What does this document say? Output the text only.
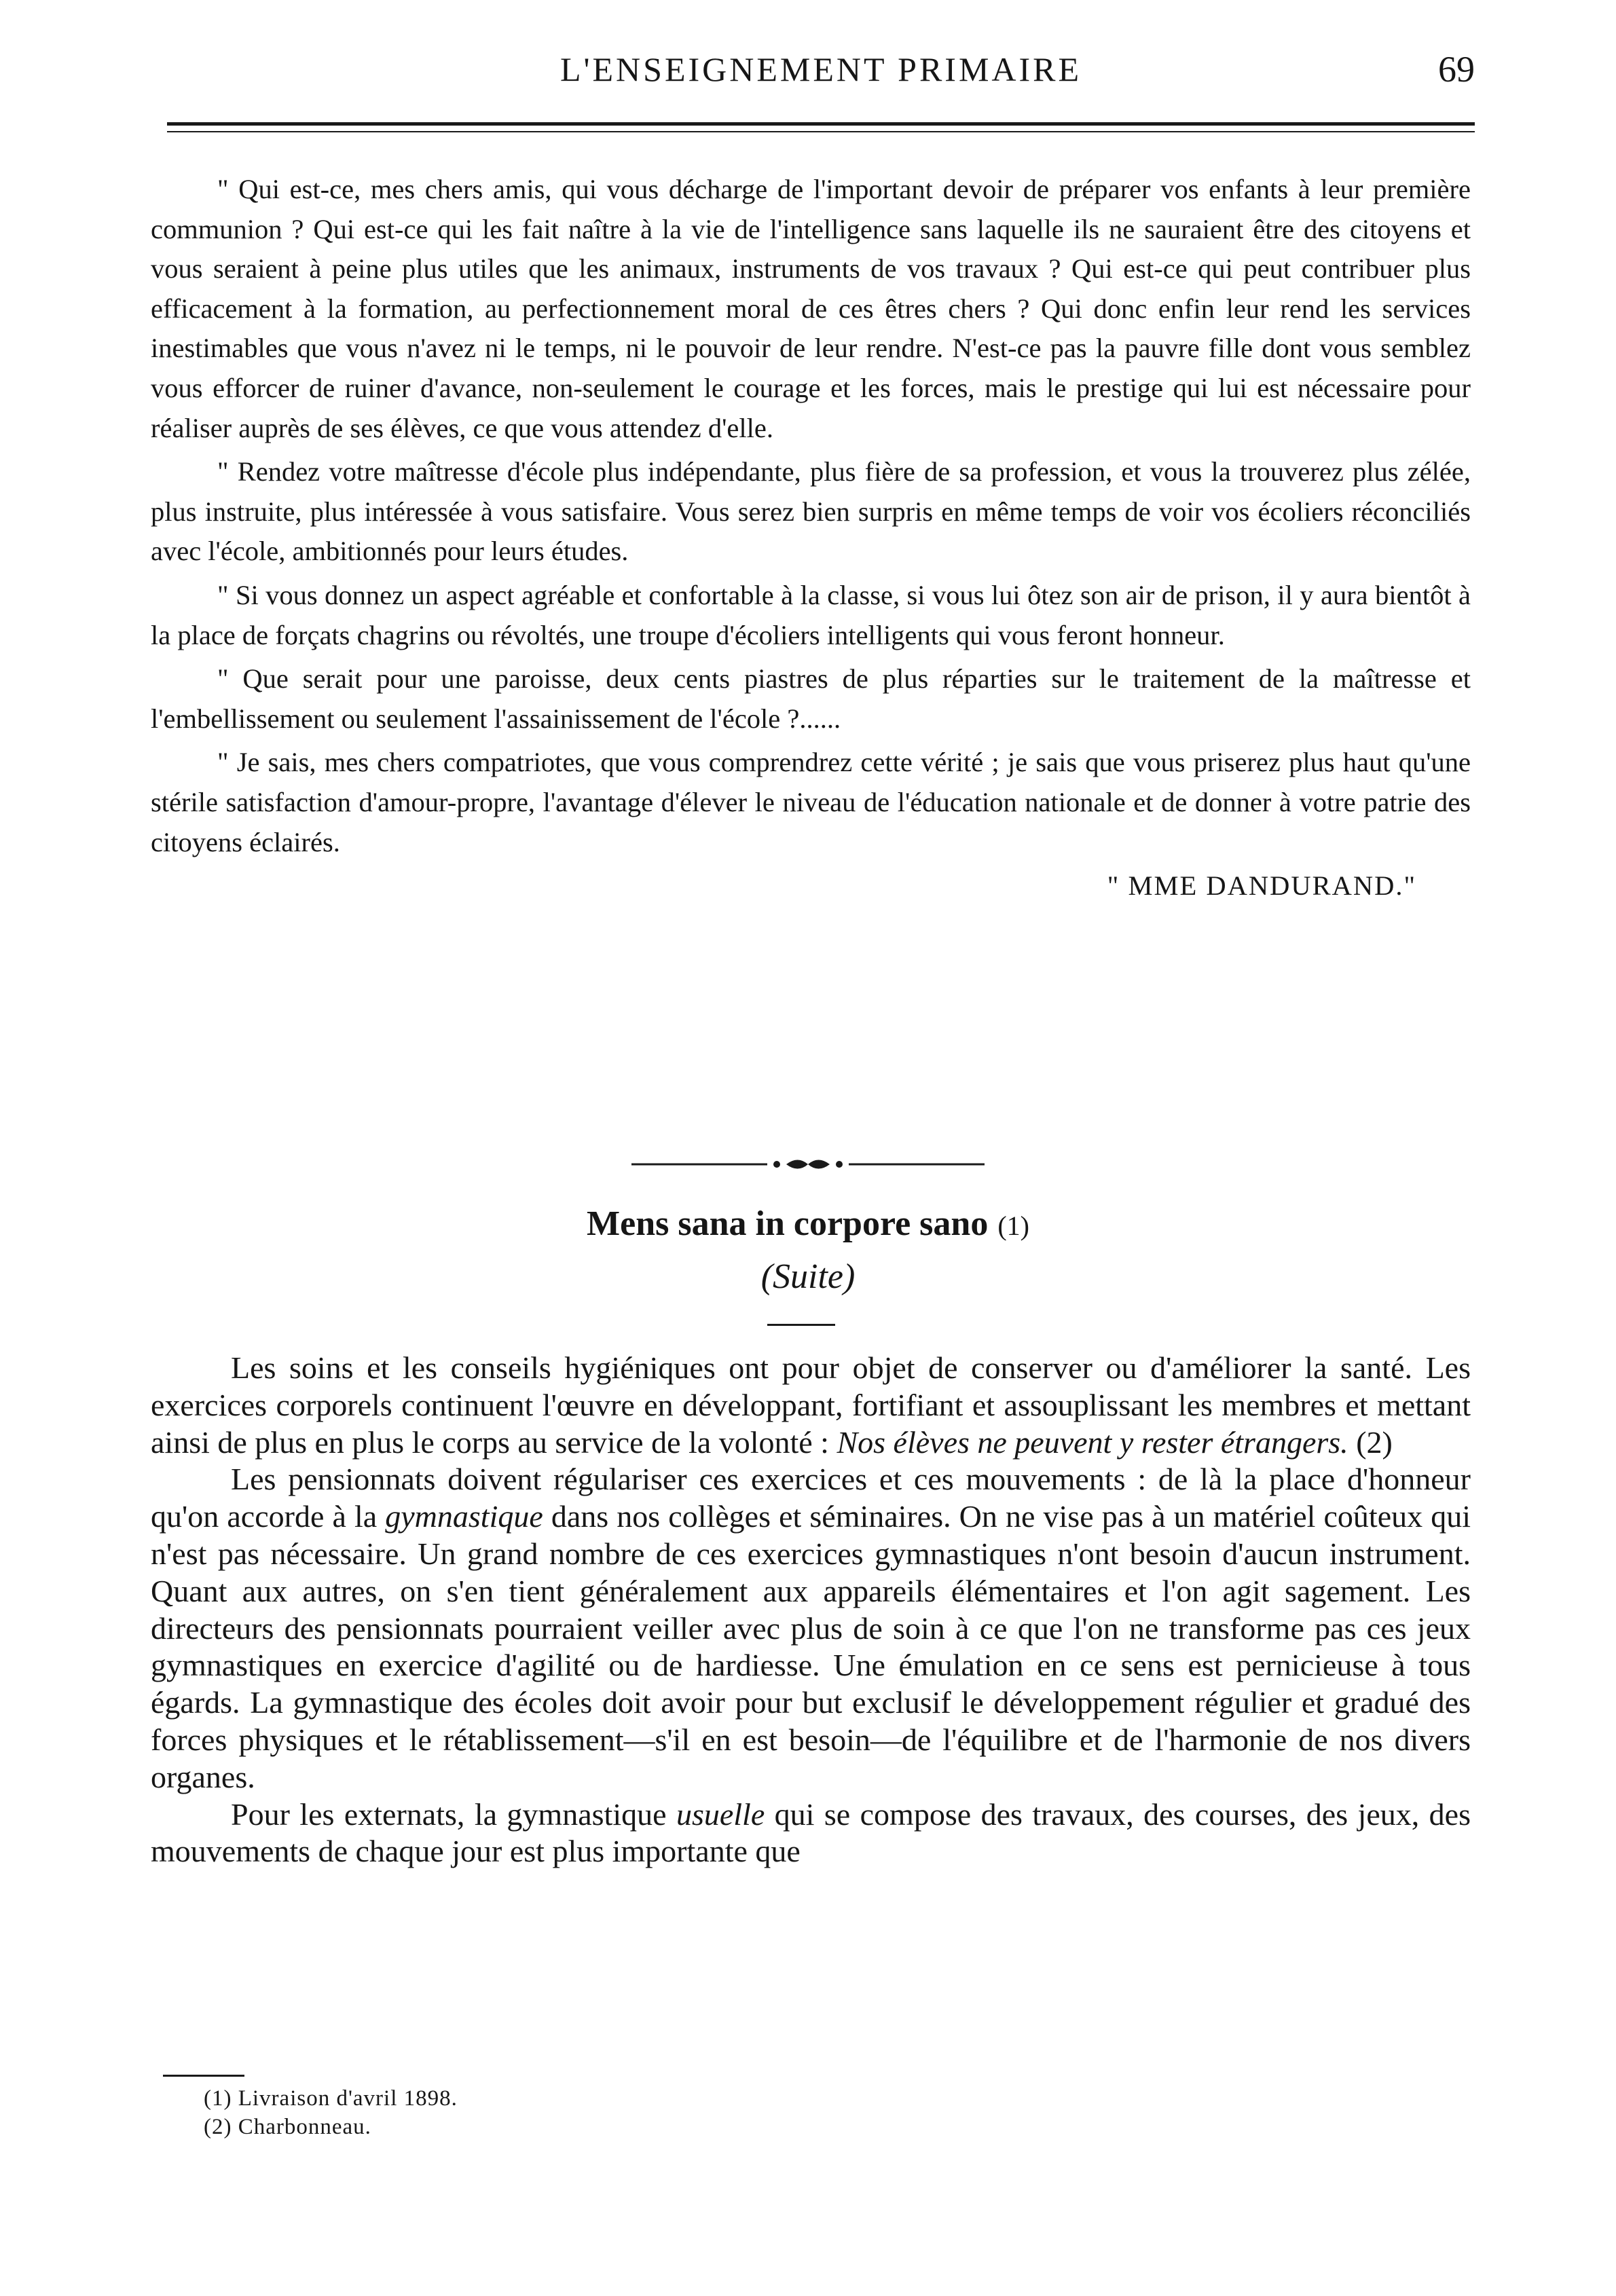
L'ENSEIGNEMENT PRIMAIRE	69

" Qui est-ce, mes chers amis, qui vous décharge de l'important devoir de préparer vos enfants à leur première communion ? Qui est-ce qui les fait naître à la vie de l'intelligence sans laquelle ils ne sauraient être des citoyens et vous seraient à peine plus utiles que les animaux, instruments de vos travaux ? Qui est-ce qui peut contribuer plus efficacement à la formation, au perfectionnement moral de ces êtres chers ? Qui donc enfin leur rend les services inestimables que vous n'avez ni le temps, ni le pouvoir de leur rendre. N'est-ce pas la pauvre fille dont vous semblez vous efforcer de ruiner d'avance, non-seulement le courage et les forces, mais le prestige qui lui est nécessaire pour réaliser auprès de ses élèves, ce que vous attendez d'elle.

" Rendez votre maîtresse d'école plus indépendante, plus fière de sa profession, et vous la trouverez plus zélée, plus instruite, plus intéressée à vous satisfaire. Vous serez bien surpris en même temps de voir vos écoliers réconciliés avec l'école, ambitionnés pour leurs études.

" Si vous donnez un aspect agréable et confortable à la classe, si vous lui ôtez son air de prison, il y aura bientôt à la place de forçats chagrins ou révoltés, une troupe d'écoliers intelligents qui vous feront honneur.

" Que serait pour une paroisse, deux cents piastres de plus réparties sur le traitement de la maîtresse et l'embellissement ou seulement l'assainissement de l'école ?......

" Je sais, mes chers compatriotes, que vous comprendrez cette vérité ; je sais que vous priserez plus haut qu'une stérile satisfaction d'amour-propre, l'avantage d'élever le niveau de l'éducation nationale et de donner à votre patrie des citoyens éclairés.

" MME DANDURAND."
Mens sana in corpore sano (1)
(Suite)

Les soins et les conseils hygiéniques ont pour objet de conserver ou d'améliorer la santé. Les exercices corporels continuent l'œuvre en développant, fortifiant et assouplissant les membres et mettant ainsi de plus en plus le corps au service de la volonté : Nos élèves ne peuvent y rester étrangers. (2)

Les pensionnats doivent régulariser ces exercices et ces mouvements : de là la place d'honneur qu'on accorde à la gymnastique dans nos collèges et séminaires. On ne vise pas à un matériel coûteux qui n'est pas nécessaire. Un grand nombre de ces exercices gymnastiques n'ont besoin d'aucun instrument. Quant aux autres, on s'en tient généralement aux appareils élémentaires et l'on agit sagement. Les directeurs des pensionnats pourraient veiller avec plus de soin à ce que l'on ne transforme pas ces jeux gymnastiques en exercice d'agilité ou de hardiesse. Une émulation en ce sens est pernicieuse à tous égards. La gymnastique des écoles doit avoir pour but exclusif le développement régulier et gradué des forces physiques et le rétablissement—s'il en est besoin—de l'équilibre et de l'harmonie de nos divers organes.

Pour les externats, la gymnastique usuelle qui se compose des travaux, des courses, des jeux, des mouvements de chaque jour est plus importante que

(1) Livraison d'avril 1898.
(2) Charbonneau.
